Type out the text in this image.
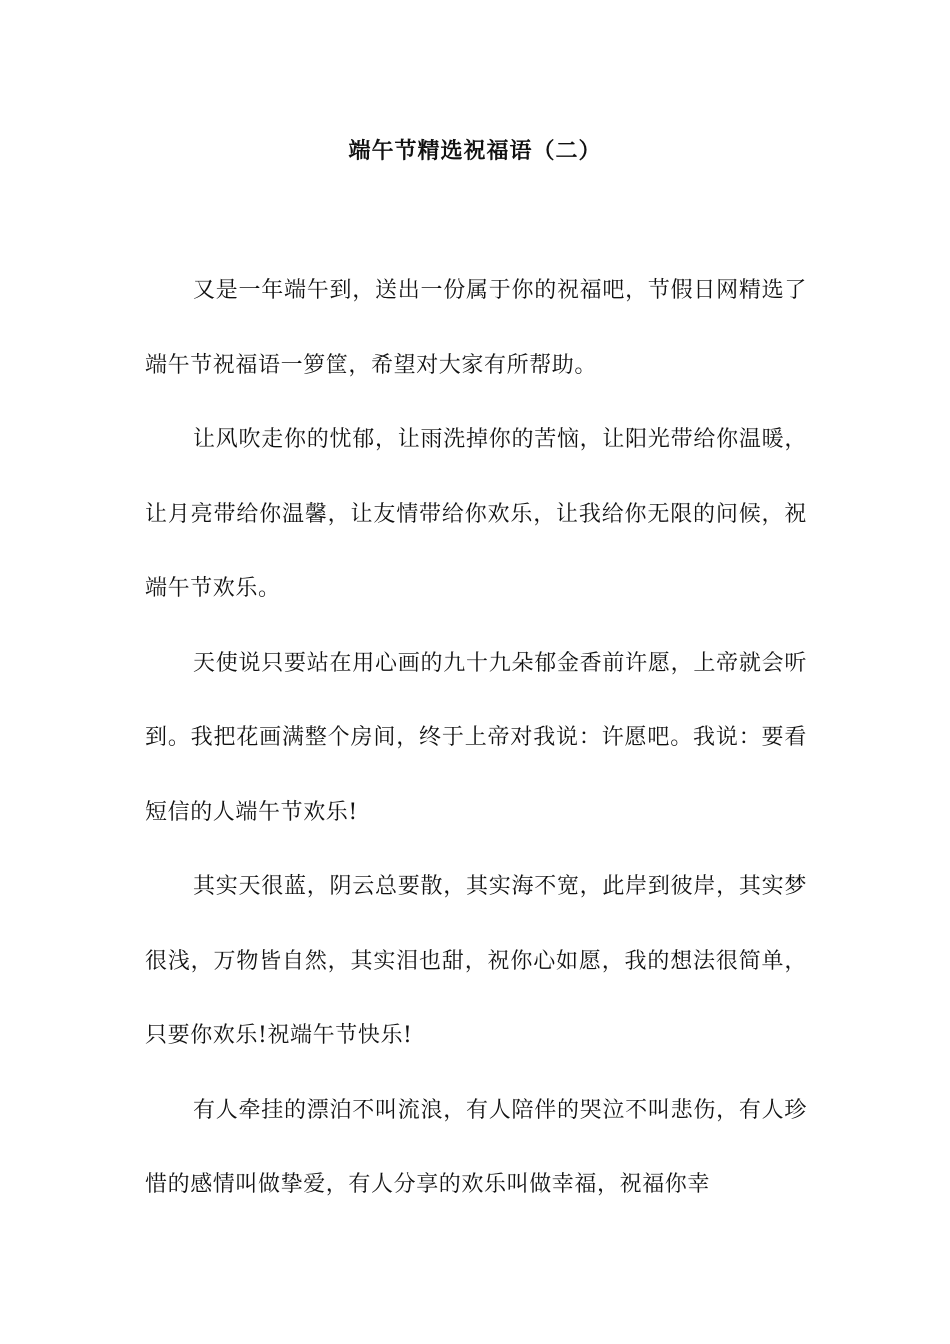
端午节精选祝福语（二）

又是一年端午到，送出一份属于你的祝福吧，节假日网精选了端午节祝福语一箩筐，希望对大家有所帮助。

让风吹走你的忧郁，让雨洗掉你的苦恼，让阳光带给你温暖，让月亮带给你温馨，让友情带给你欢乐，让我给你无限的问候，祝端午节欢乐。

天使说只要站在用心画的九十九朵郁金香前许愿，上帝就会听到。我把花画满整个房间，终于上帝对我说：许愿吧。我说：要看短信的人端午节欢乐!

其实天很蓝，阴云总要散，其实海不宽，此岸到彼岸，其实梦很浅，万物皆自然，其实泪也甜，祝你心如愿，我的想法很简单，只要你欢乐!祝端午节快乐!

有人牵挂的漂泊不叫流浪，有人陪伴的哭泣不叫悲伤，有人珍惜的感情叫做挚爱，有人分享的欢乐叫做幸福，祝福你幸
